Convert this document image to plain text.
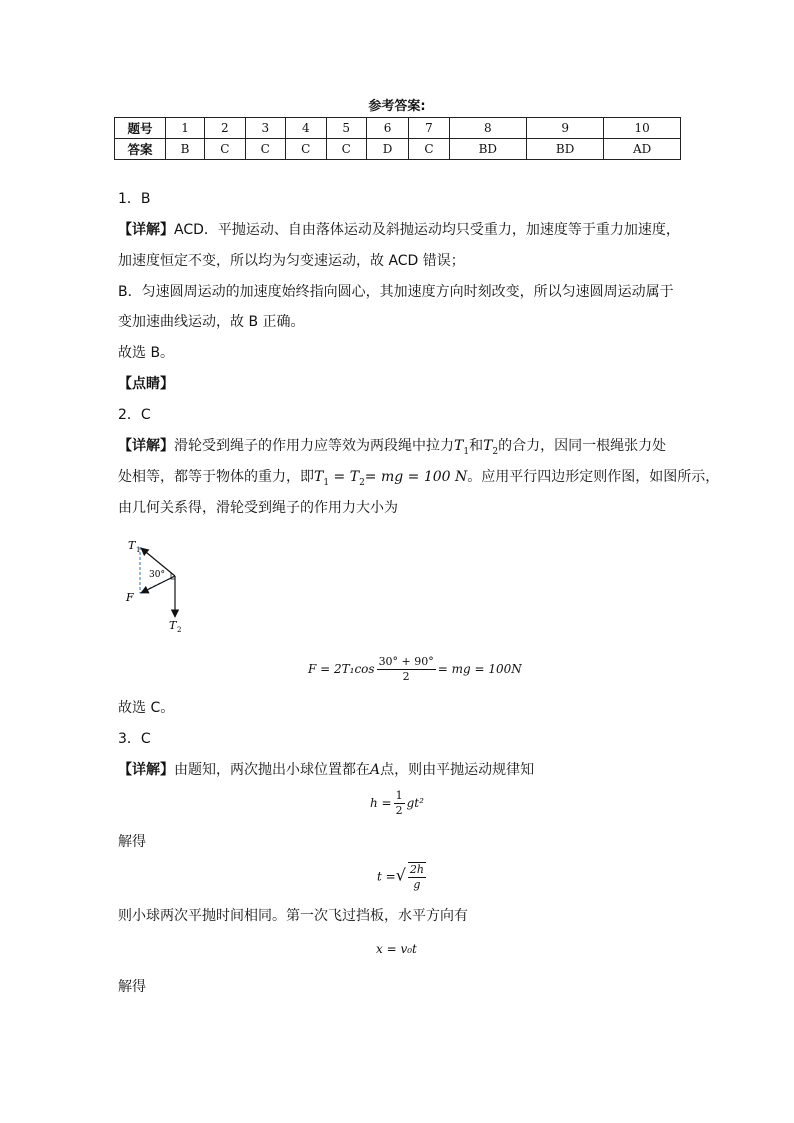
参考答案:
题号	1	2	3	4	5	6	7	8	9	10
答案	B	C	C	C	C	D	C	BD	BD	AD
1．B
【详解】ACD．平抛运动、自由落体运动及斜抛运动均只受重力，加速度等于重力加速度，
加速度恒定不变，所以均为匀变速运动，故 ACD 错误；
B．匀速圆周运动的加速度始终指向圆心，其加速度方向时刻改变，所以匀速圆周运动属于
变加速曲线运动，故 B 正确。
故选 B。
【点睛】
2．C
【详解】滑轮受到绳子的作用力应等效为两段绳中拉力$T_1$和$T_2$的合力，因同一根绳张力处
处相等，都等于物体的重力，即$T_1 = T_2=$ mg = 100 N。应用平行四边形定则作图，如图所示，
由几何关系得，滑轮受到绳子的作用力大小为
T 1
30°
F
T 2
$F = 2T_1\cos \frac{30^\circ + 90^\circ}{2}$ = mg = 100N
故选 C。
3．C
【详解】由题知，两次抛出小球位置都在A点，则由平抛运动规律知
$h = \frac{1}{2} gt^2$
解得
t =√ $\frac{2h}{g}$
则小球两次平抛时间相同。第一次飞过挡板，水平方向有
x = v₀t
解得
